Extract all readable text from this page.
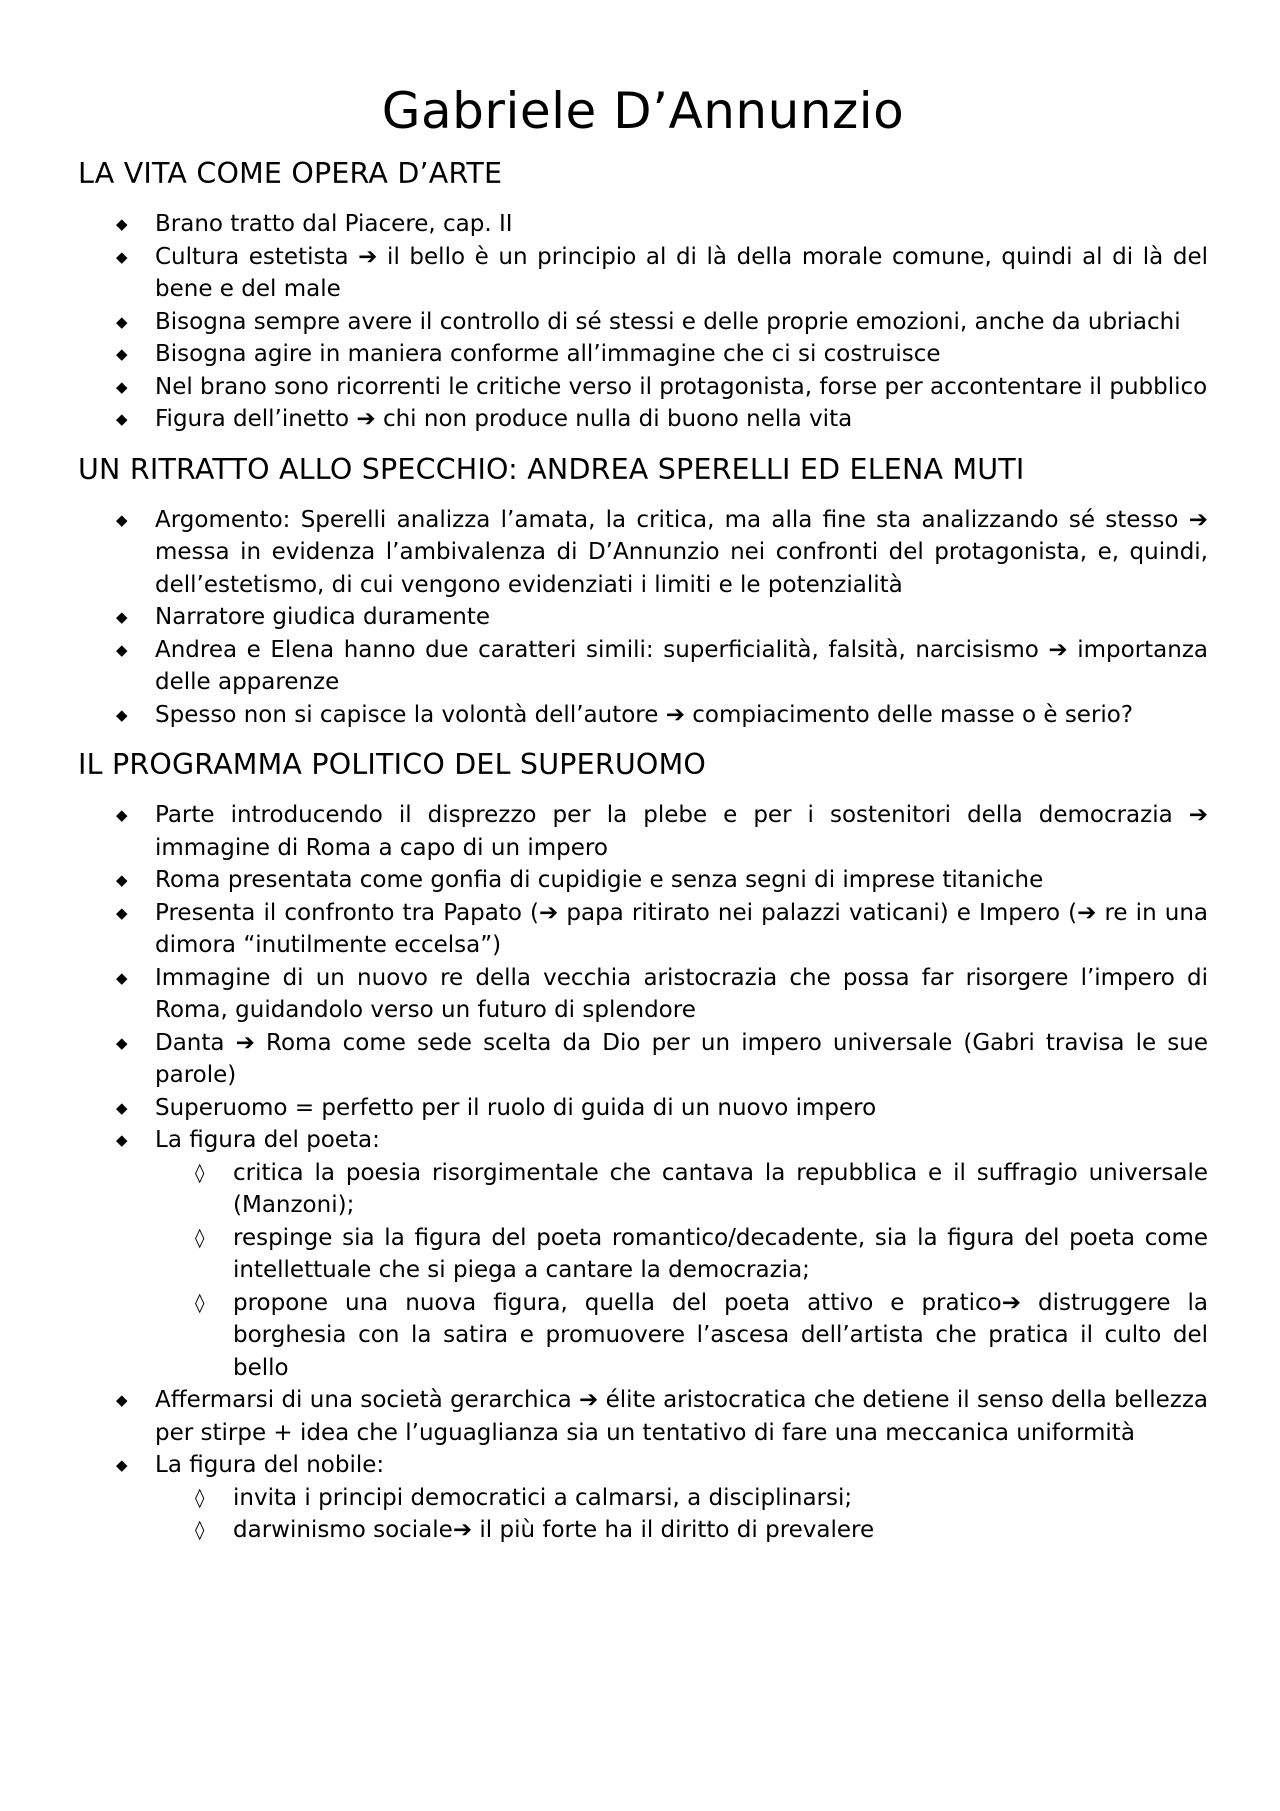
Gabriele D’Annunzio
LA VITA COME OPERA D’ARTE
◆	Brano tratto dal Piacere, cap. II
◆	Cultura estetista ➔ il bello è un principio al di là della morale comune, quindi al di là del bene e del male
◆	Bisogna sempre avere il controllo di sé stessi e delle proprie emozioni, anche da ubriachi
◆	Bisogna agire in maniera conforme all’immagine che ci si costruisce
◆	Nel brano sono ricorrenti le critiche verso il protagonista, forse per accontentare il pubblico
◆	Figura dell’inetto ➔ chi non produce nulla di buono nella vita
UN RITRATTO ALLO SPECCHIO: ANDREA SPERELLI ED ELENA MUTI
◆	Argomento: Sperelli analizza l’amata, la critica, ma alla fine sta analizzando sé stesso ➔ messa in evidenza l’ambivalenza di D’Annunzio nei confronti del protagonista, e, quindi, dell’estetismo, di cui vengono evidenziati i limiti e le potenzialità
◆	Narratore giudica duramente
◆	Andrea e Elena hanno due caratteri simili: superficialità, falsità, narcisismo ➔ importanza delle apparenze
◆	Spesso non si capisce la volontà dell’autore ➔ compiacimento delle masse o è serio?
IL PROGRAMMA POLITICO DEL SUPERUOMO
◆	Parte introducendo il disprezzo per la plebe e per i sostenitori della democrazia ➔ immagine di Roma a capo di un impero
◆	Roma presentata come gonfia di cupidigie e senza segni di imprese titaniche
◆	Presenta il confronto tra Papato (➔ papa ritirato nei palazzi vaticani) e Impero (➔ re in una dimora “inutilmente eccelsa”)
◆	Immagine di un nuovo re della vecchia aristocrazia che possa far risorgere l’impero di Roma, guidandolo verso un futuro di splendore
◆	Danta ➔ Roma come sede scelta da Dio per un impero universale (Gabri travisa le sue parole)
◆	Superuomo = perfetto per il ruolo di guida di un nuovo impero
◆	La figura del poeta:
◊	critica la poesia risorgimentale che cantava la repubblica e il suffragio universale (Manzoni);
◊	respinge sia la figura del poeta romantico/decadente, sia la figura del poeta come intellettuale che si piega a cantare la democrazia;
◊	propone una nuova figura, quella del poeta attivo e pratico➔ distruggere la borghesia con la satira e promuovere l’ascesa dell’artista che pratica il culto del bello
◆	Affermarsi di una società gerarchica ➔ élite aristocratica che detiene il senso della bellezza per stirpe + idea che l’uguaglianza sia un tentativo di fare una meccanica uniformità
◆	La figura del nobile:
◊	invita i principi democratici a calmarsi, a disciplinarsi;
◊	darwinismo sociale➔ il più forte ha il diritto di prevalere
